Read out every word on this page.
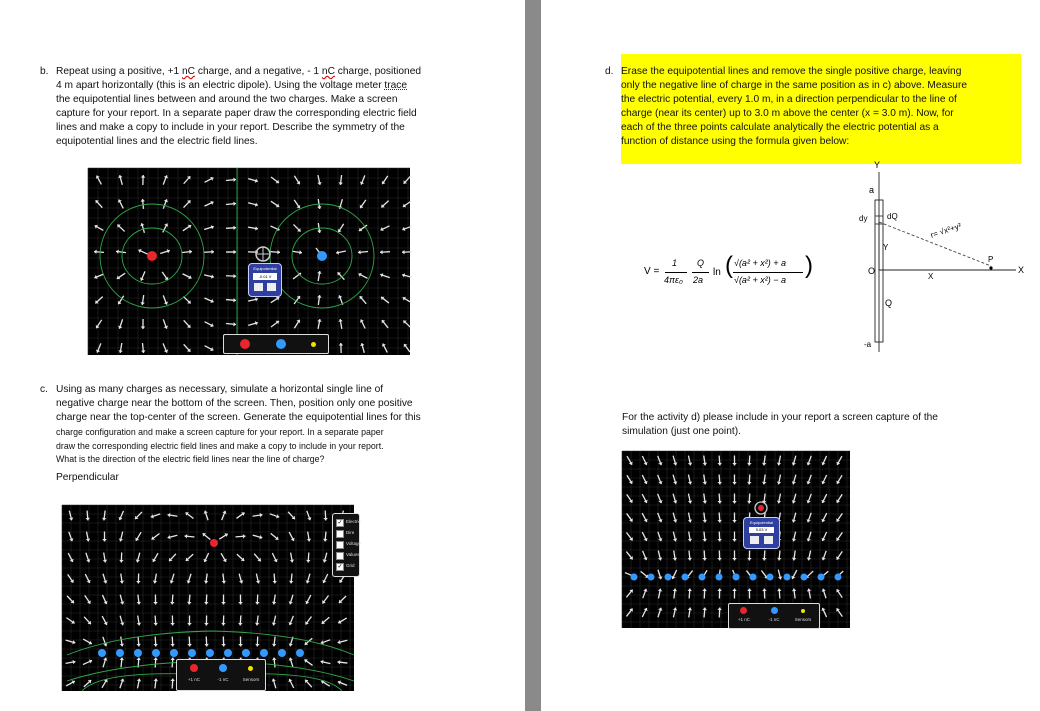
b. Repeat using a positive, +1 nC charge, and a negative, - 1 nC charge, positioned
4 m apart horizontally (this is an electric dipole). Using the voltage meter trace
the equipotential lines between and around the two charges. Make a screen
capture for your report. In a separate paper draw the corresponding electric field
lines and make a copy to include in your report. Describe the symmetry of the
equipotential lines and the electric field lines.
Equipotential
-0.01 V
c. Using as many charges as necessary, simulate a horizontal single line of
negative charge near the bottom of the screen. Then, position only one positive
charge near the top-center of the screen. Generate the equipotential lines for this
charge configuration and make a screen capture for your report. In a separate paper
draw the corresponding electric field lines and make a copy to include in your report.
What is the direction of the electric field lines near the line of charge?
Perpendicular
+1 nC	-1 nC	Sensors
✓ Electric
Dire
Voltage
Values
✓ Grid
d. Erase the equipotential lines and remove the single positive charge, leaving
only the negative line of charge in the same position as in c) above. Measure
the electric potential, every 1.0 m, in a direction perpendicular to the line of
charge (near its center) up to 3.0 m above the center (x = 3.0 m). Now, for
each of the three points calculate analytically the electric potential as a
function of distance using the formula given below:
V =
1
4πε₀
Q
2a
ln ( √(a² + x²) + a
√(a² + x²) − a
)
Y
a
dy dQ
r= √x²+y²
O
Y
X
P
X
Q
-a
For the activity d) please include in your report a screen capture of the
simulation (just one point).
Equipotential
5.03 V
+1 nC	-1 nC	Sensors
